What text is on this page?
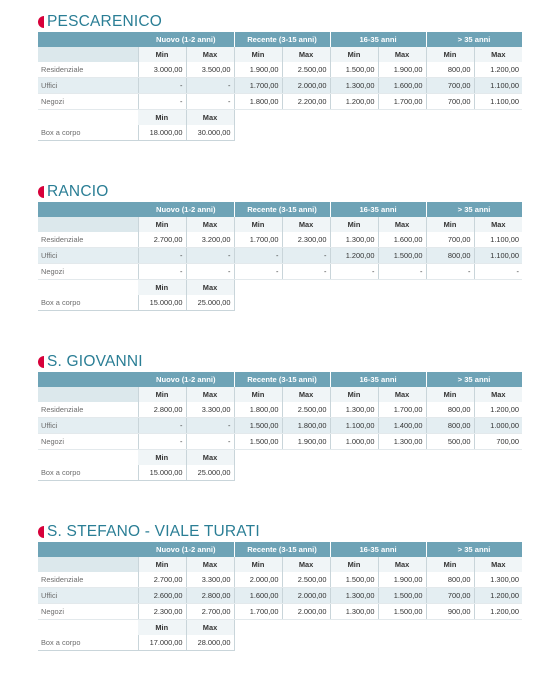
PESCARENICO
	Nuovo (1-2 anni)		Recente (3-15 anni)		16-35 anni		> 35 anni	
	Min	Max	Min	Max	Min	Max	Min	Max
Residenziale	3.000,00	3.500,00	1.900,00	2.500,00	1.500,00	1.900,00	800,00	1.200,00
Uffici	-	-	1.700,00	2.000,00	1.300,00	1.600,00	700,00	1.100,00
Negozi	-	-	1.800,00	2.200,00	1.200,00	1.700,00	700,00	1.100,00
	Min	Max						
Box a corpo	18.000,00	30.000,00						
RANCIO
	Nuovo (1-2 anni)		Recente (3-15 anni)		16-35 anni		> 35 anni	
	Min	Max	Min	Max	Min	Max	Min	Max
Residenziale	2.700,00	3.200,00	1.700,00	2.300,00	1.300,00	1.600,00	700,00	1.100,00
Uffici	-	-	-	-	1.200,00	1.500,00	800,00	1.100,00
Negozi	-	-	-	-	-	-	-	-
	Min	Max						
Box a corpo	15.000,00	25.000,00						
S. GIOVANNI
	Nuovo (1-2 anni)		Recente (3-15 anni)		16-35 anni		> 35 anni	
	Min	Max	Min	Max	Min	Max	Min	Max
Residenziale	2.800,00	3.300,00	1.800,00	2.500,00	1.300,00	1.700,00	800,00	1.200,00
Uffici	-	-	1.500,00	1.800,00	1.100,00	1.400,00	800,00	1.000,00
Negozi	-	-	1.500,00	1.900,00	1.000,00	1.300,00	500,00	700,00
	Min	Max						
Box a corpo	15.000,00	25.000,00						
S. STEFANO - VIALE TURATI
	Nuovo (1-2 anni)		Recente (3-15 anni)		16-35 anni		> 35 anni	
	Min	Max	Min	Max	Min	Max	Min	Max
Residenziale	2.700,00	3.300,00	2.000,00	2.500,00	1.500,00	1.900,00	800,00	1.300,00
Uffici	2.600,00	2.800,00	1.600,00	2.000,00	1.300,00	1.500,00	700,00	1.200,00
Negozi	2.300,00	2.700,00	1.700,00	2.000,00	1.300,00	1.500,00	900,00	1.200,00
	Min	Max						
Box a corpo	17.000,00	28.000,00						
